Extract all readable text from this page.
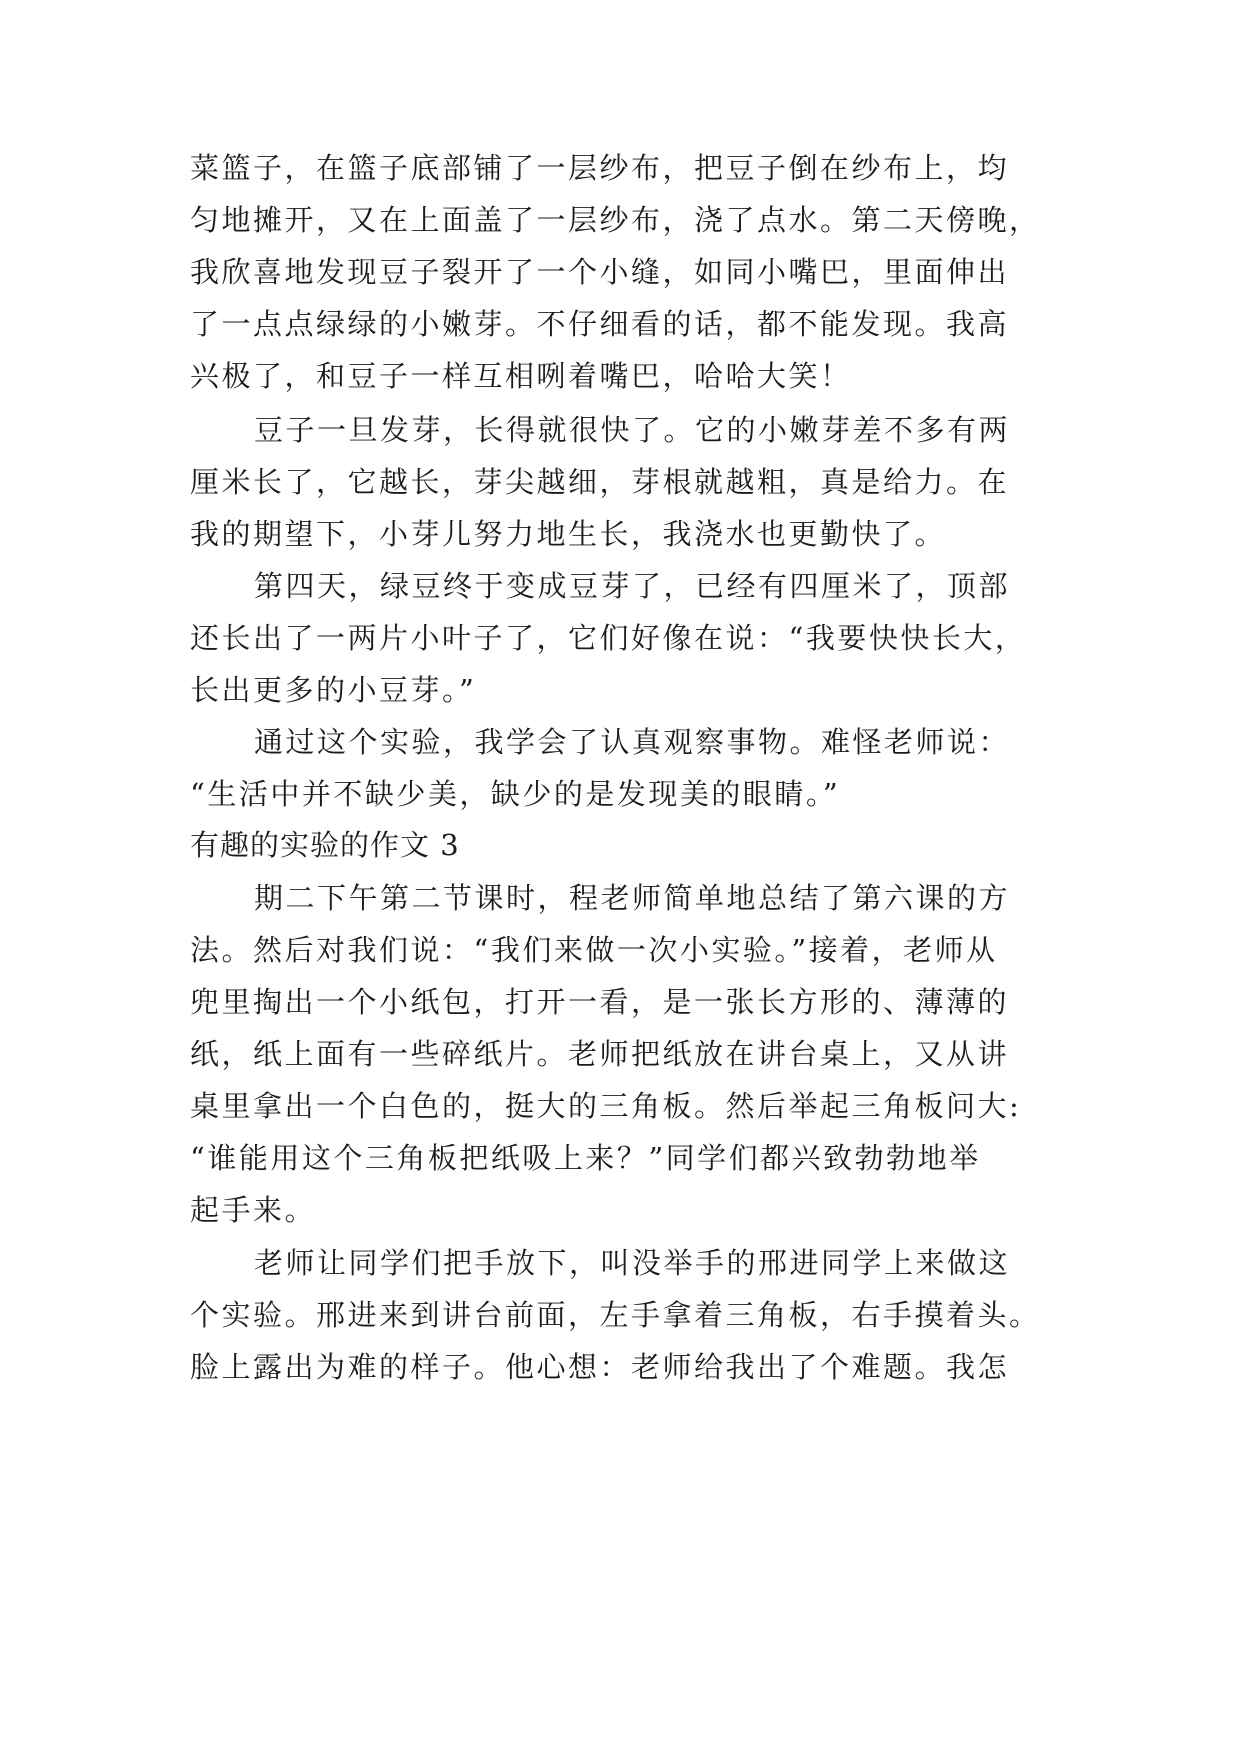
菜篮子，在篮子底部铺了一层纱布，把豆子倒在纱布上，均
匀地摊开，又在上面盖了一层纱布，浇了点水。第二天傍晚，
我欣喜地发现豆子裂开了一个小缝，如同小嘴巴，里面伸出
了一点点绿绿的小嫩芽。不仔细看的话，都不能发现。我高
兴极了，和豆子一样互相咧着嘴巴，哈哈大笑！
豆子一旦发芽，长得就很快了。它的小嫩芽差不多有两
厘米长了，它越长，芽尖越细，芽根就越粗，真是给力。在
我的期望下，小芽儿努力地生长，我浇水也更勤快了。
第四天，绿豆终于变成豆芽了，已经有四厘米了，顶部
还长出了一两片小叶子了，它们好像在说：“我要快快长大，
长出更多的小豆芽。”
通过这个实验，我学会了认真观察事物。难怪老师说：
“生活中并不缺少美，缺少的是发现美的眼睛。”
有趣的实验的作文 3
期二下午第二节课时，程老师简单地总结了第六课的方
法。然后对我们说：“我们来做一次小实验。”接着，老师从
兜里掏出一个小纸包，打开一看，是一张长方形的、薄薄的
纸，纸上面有一些碎纸片。老师把纸放在讲台桌上，又从讲
桌里拿出一个白色的，挺大的三角板。然后举起三角板问大:
“谁能用这个三角板把纸吸上来？”同学们都兴致勃勃地举
起手来。
老师让同学们把手放下，叫没举手的邢进同学上来做这
个实验。邢进来到讲台前面，左手拿着三角板，右手摸着头。
脸上露出为难的样子。他心想：老师给我出了个难题。我怎
